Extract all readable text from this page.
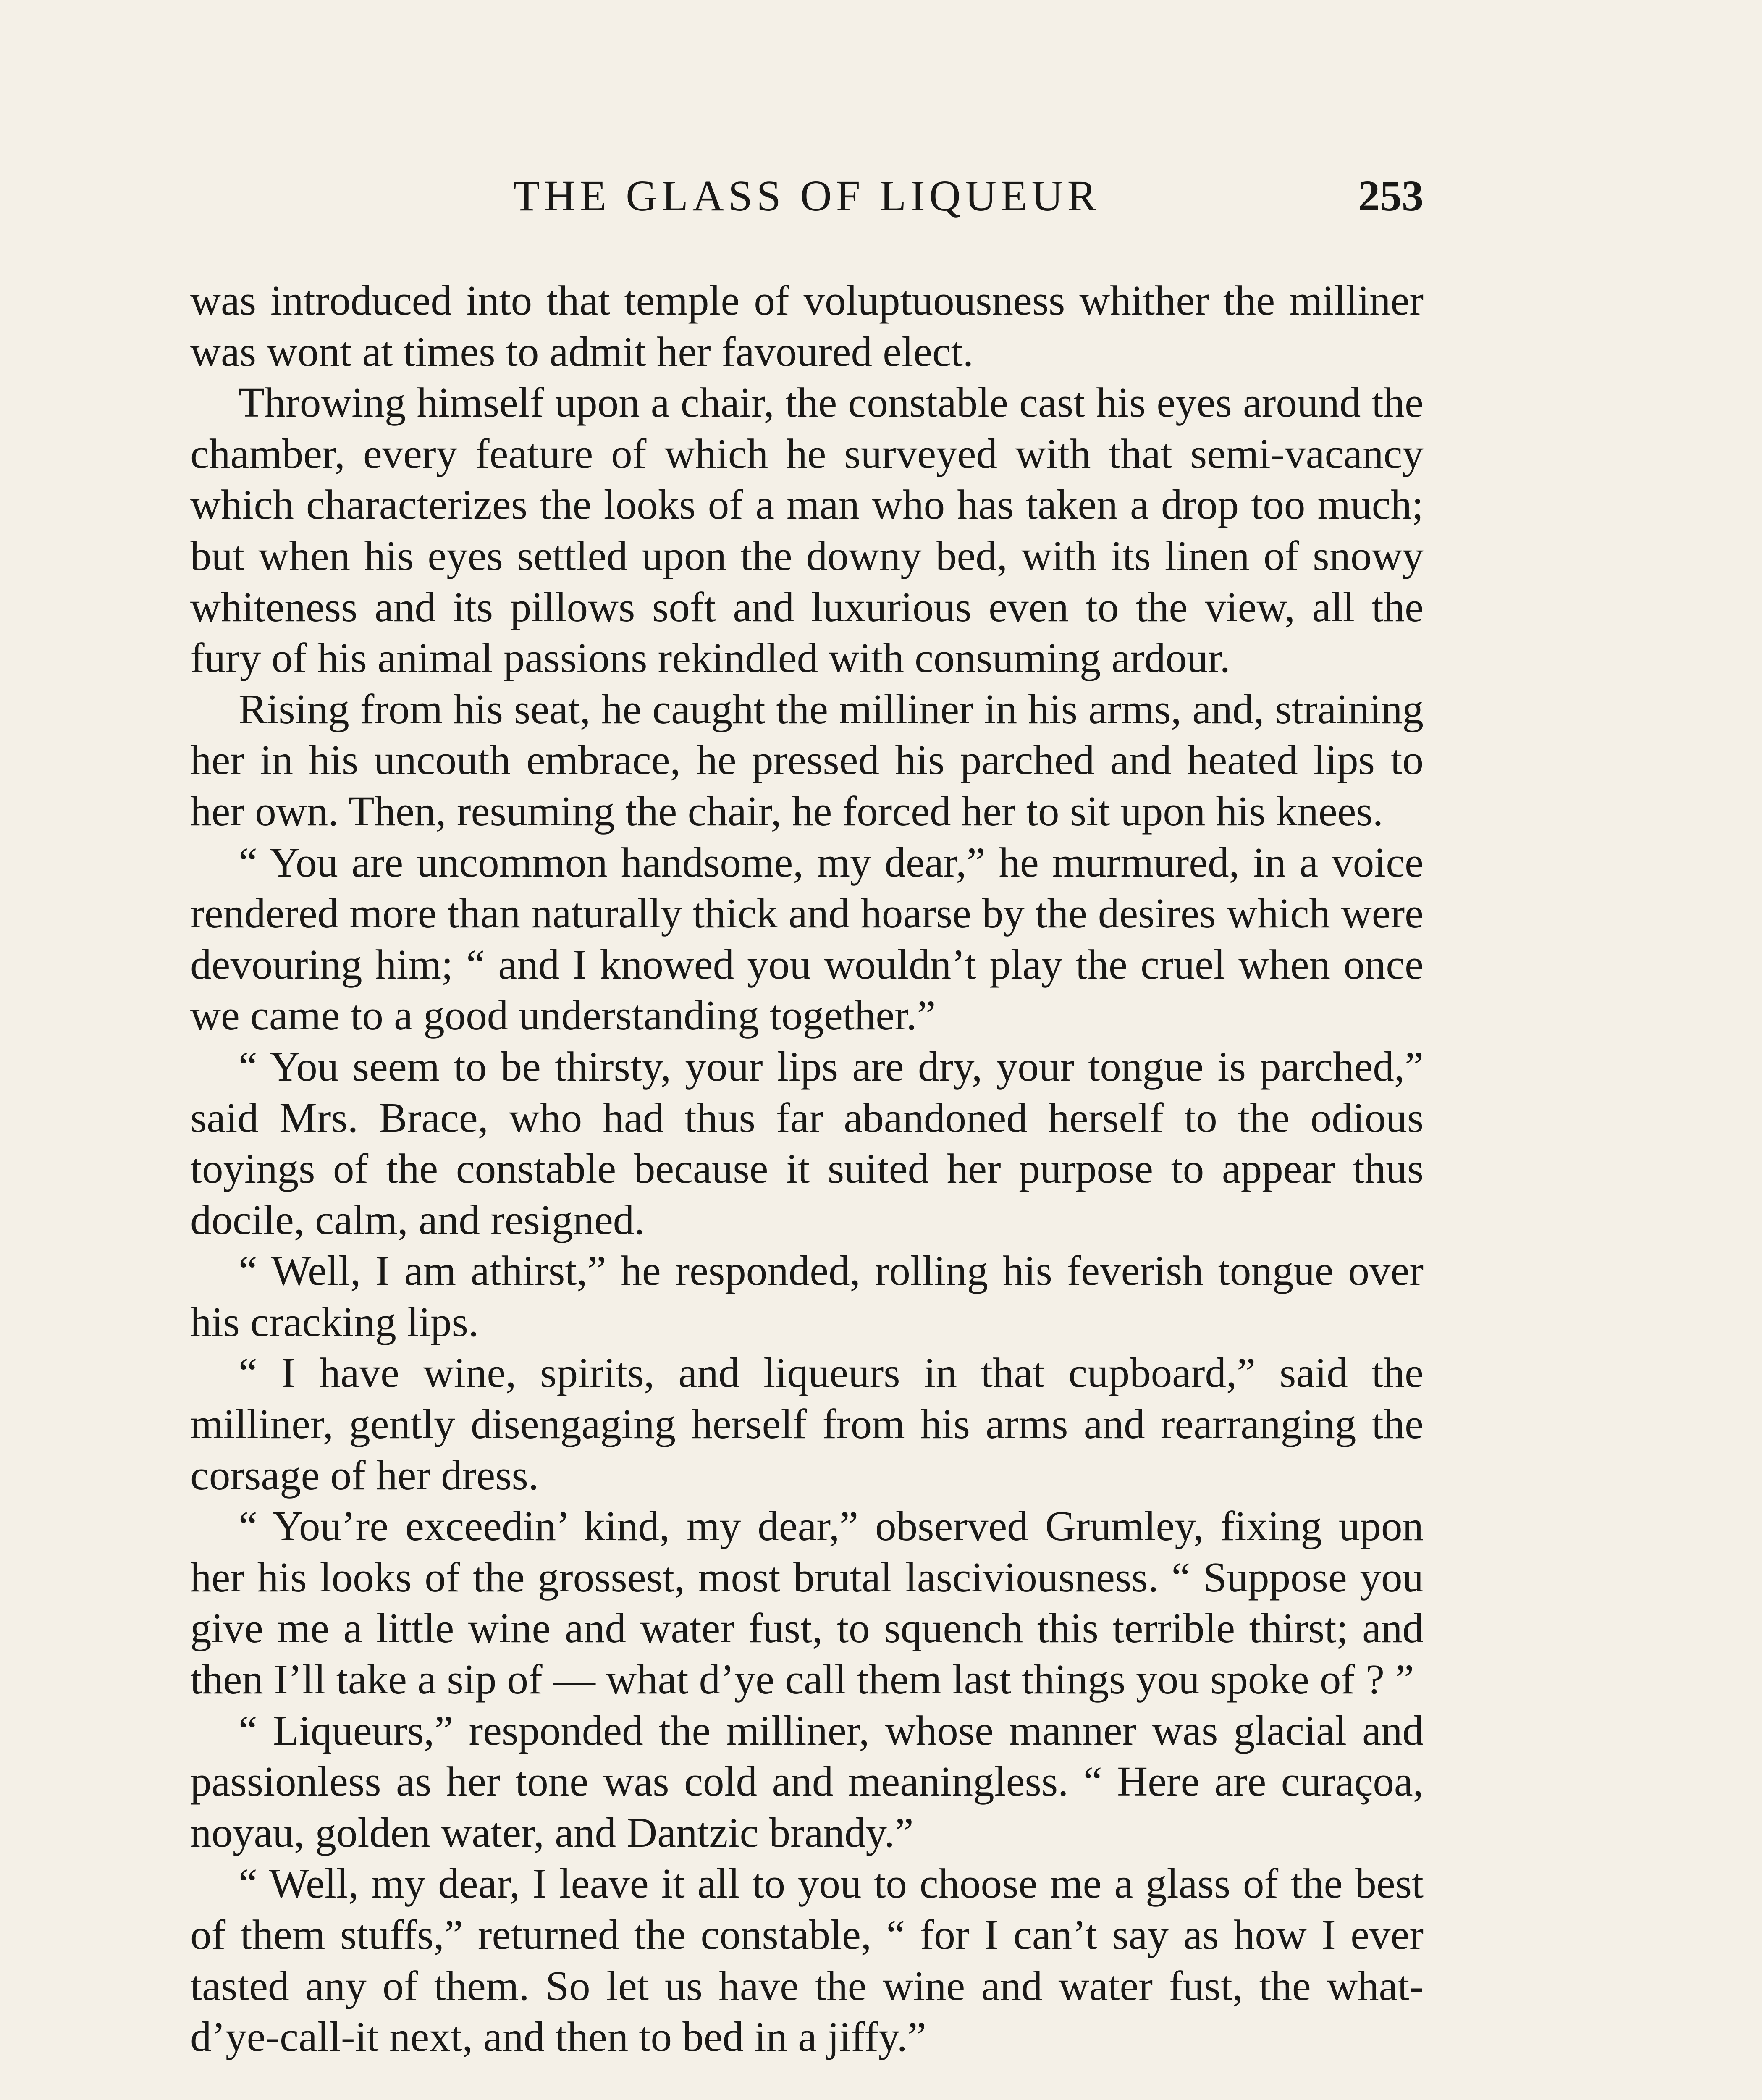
THE GLASS OF LIQUEUR	253

was introduced into that temple of voluptuousness whither the milliner was wont at times to admit her favoured elect.

Throwing himself upon a chair, the constable cast his eyes around the chamber, every feature of which he surveyed with that semi-vacancy which characterizes the looks of a man who has taken a drop too much; but when his eyes settled upon the downy bed, with its linen of snowy whiteness and its pillows soft and luxurious even to the view, all the fury of his animal passions rekindled with consuming ardour.

Rising from his seat, he caught the milliner in his arms, and, straining her in his uncouth embrace, he pressed his parched and heated lips to her own. Then, resuming the chair, he forced her to sit upon his knees.

“ You are uncommon handsome, my dear,” he murmured, in a voice rendered more than naturally thick and hoarse by the desires which were devouring him; “ and I knowed you wouldn’t play the cruel when once we came to a good understanding together.”

“ You seem to be thirsty, your lips are dry, your tongue is parched,” said Mrs. Brace, who had thus far abandoned herself to the odious toyings of the constable because it suited her purpose to appear thus docile, calm, and resigned.

“ Well, I am athirst,” he responded, rolling his feverish tongue over his cracking lips.

“ I have wine, spirits, and liqueurs in that cupboard,” said the milliner, gently disengaging herself from his arms and rearranging the corsage of her dress.

“ You’re exceedin’ kind, my dear,” observed Grumley, fixing upon her his looks of the grossest, most brutal lasciviousness. “ Suppose you give me a little wine and water fust, to squench this terrible thirst; and then I’ll take a sip of — what d’ye call them last things you spoke of ? ”

“ Liqueurs,” responded the milliner, whose manner was glacial and passionless as her tone was cold and meaningless. “ Here are curaçoa, noyau, golden water, and Dantzic brandy.”

“ Well, my dear, I leave it all to you to choose me a glass of the best of them stuffs,” returned the constable, “ for I can’t say as how I ever tasted any of them. So let us have the wine and water fust, the what-d’ye-call-it next, and then to bed in a jiffy.”
